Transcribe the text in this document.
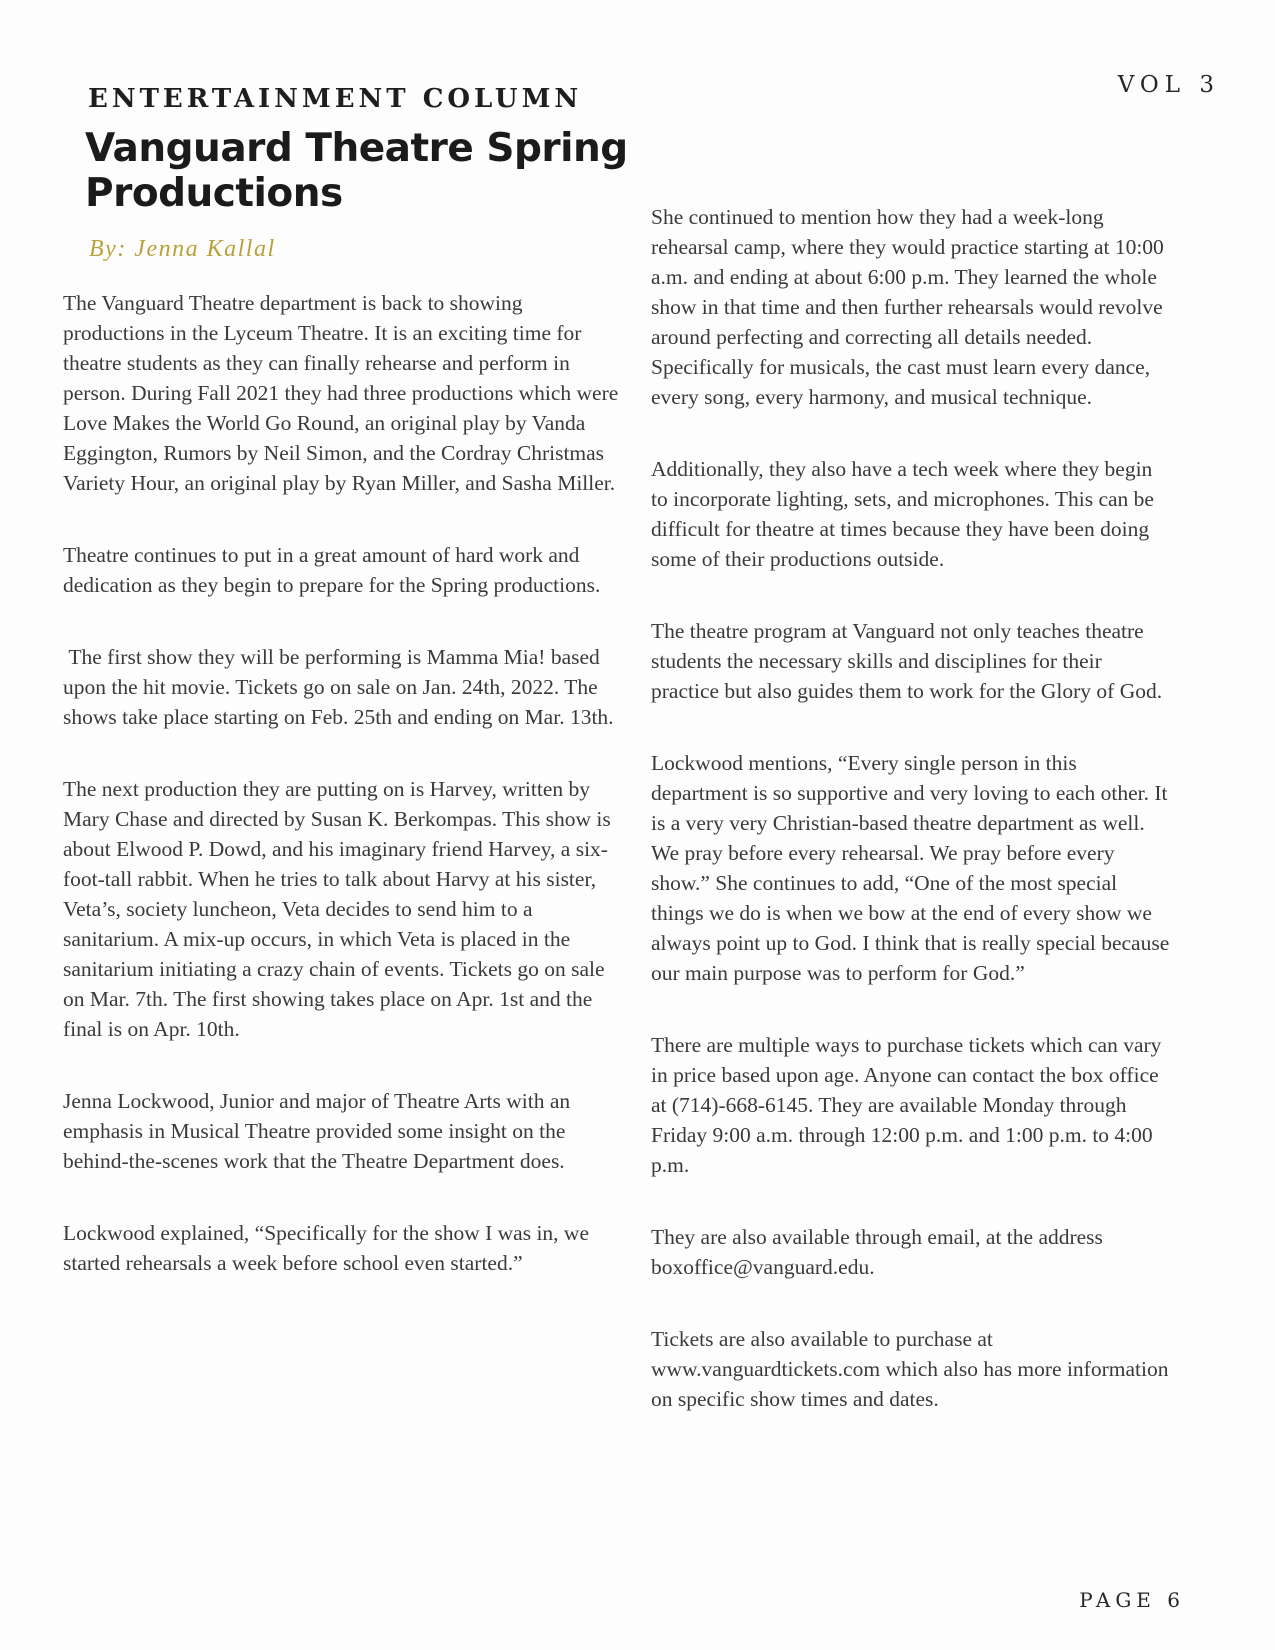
ENTERTAINMENT COLUMN	VOL 3
Vanguard Theatre Spring
Productions
By: Jenna Kallal

The Vanguard Theatre department is back to showing productions in the Lyceum Theatre. It is an exciting time for theatre students as they can finally rehearse and perform in person. During Fall 2021 they had three productions which were Love Makes the World Go Round, an original play by Vanda Eggington, Rumors by Neil Simon, and the Cordray Christmas Variety Hour, an original play by Ryan Miller, and Sasha Miller.

Theatre continues to put in a great amount of hard work and dedication as they begin to prepare for the Spring productions.

The first show they will be performing is Mamma Mia! based upon the hit movie. Tickets go on sale on Jan. 24th, 2022. The shows take place starting on Feb. 25th and ending on Mar. 13th.

The next production they are putting on is Harvey, written by Mary Chase and directed by Susan K. Berkompas. This show is about Elwood P. Dowd, and his imaginary friend Harvey, a six-foot-tall rabbit. When he tries to talk about Harvy at his sister, Veta’s, society luncheon, Veta decides to send him to a sanitarium. A mix-up occurs, in which Veta is placed in the sanitarium initiating a crazy chain of events. Tickets go on sale on Mar. 7th. The first showing takes place on Apr. 1st and the final is on Apr. 10th.

Jenna Lockwood, Junior and major of Theatre Arts with an emphasis in Musical Theatre provided some insight on the behind-the-scenes work that the Theatre Department does.

Lockwood explained, “Specifically for the show I was in, we started rehearsals a week before school even started.”

She continued to mention how they had a week-long rehearsal camp, where they would practice starting at 10:00 a.m. and ending at about 6:00 p.m. They learned the whole show in that time and then further rehearsals would revolve around perfecting and correcting all details needed. Specifically for musicals, the cast must learn every dance, every song, every harmony, and musical technique.

Additionally, they also have a tech week where they begin to incorporate lighting, sets, and microphones. This can be difficult for theatre at times because they have been doing some of their productions outside.

The theatre program at Vanguard not only teaches theatre students the necessary skills and disciplines for their practice but also guides them to work for the Glory of God.

Lockwood mentions, “Every single person in this department is so supportive and very loving to each other. It is a very very Christian-based theatre department as well. We pray before every rehearsal. We pray before every show.” She continues to add, “One of the most special things we do is when we bow at the end of every show we always point up to God. I think that is really special because our main purpose was to perform for God.”

There are multiple ways to purchase tickets which can vary in price based upon age. Anyone can contact the box office at (714)-668-6145. They are available Monday through Friday 9:00 a.m. through 12:00 p.m. and 1:00 p.m. to 4:00 p.m.

They are also available through email, at the address boxoffice@vanguard.edu.

Tickets are also available to purchase at www.vanguardtickets.com which also has more information on specific show times and dates.

PAGE 6
